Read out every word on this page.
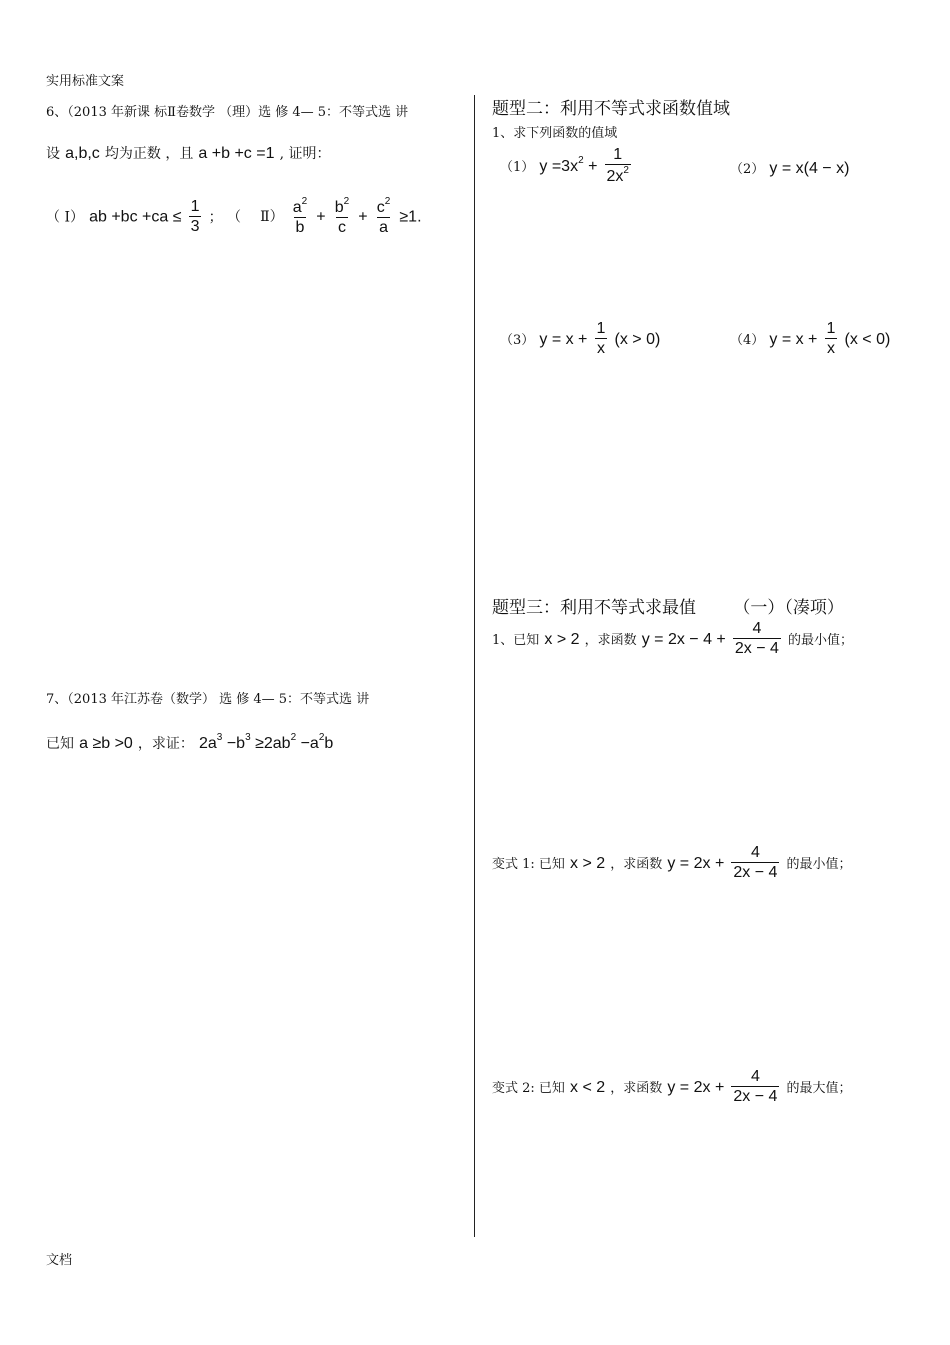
实用标准文案
6、（2013 年新课 标Ⅱ卷数学 （理）选 修 4— 5：不等式选 讲
设 a,b,c 均为正数 ，且 a +b +c =1 , 证明：
（ Ⅰ） ab $+bc +ca \le \frac{1}{3}$ ； （ Ⅱ） $\frac{a^2}{b} + \frac{b^2}{c} + \frac{c^2}{a} \ge 1$.
7、（2013 年江苏卷（数学） 选 修 4— 5：不等式选 讲
已知 a ≥b >0 ，求证： $2a^3 -b^3 \ge 2ab^2 -a^2b$
题型二：利用不等式求函数值域
1、求下列函数的值域
（1） $y =3x^2 + \frac{1}{2x^2}$	（2） y = x(4 − x)
（3） $y = x + \frac{1}{x} (x > 0)$	（4） $y = x + \frac{1}{x} (x < 0)$
题型三：利用不等式求最值 （一）（凑项）
1、已知 x > 2 ，求函数 $y = 2x - 4 + \frac{4}{2x - 4}$ 的最小值；
变式 1: 已知 x > 2 ，求函数 $y = 2x + \frac{4}{2x - 4}$ 的最小值；
变式 2: 已知 x < 2 ，求函数 $y = 2x + \frac{4}{2x - 4}$ 的最大值；
文档
